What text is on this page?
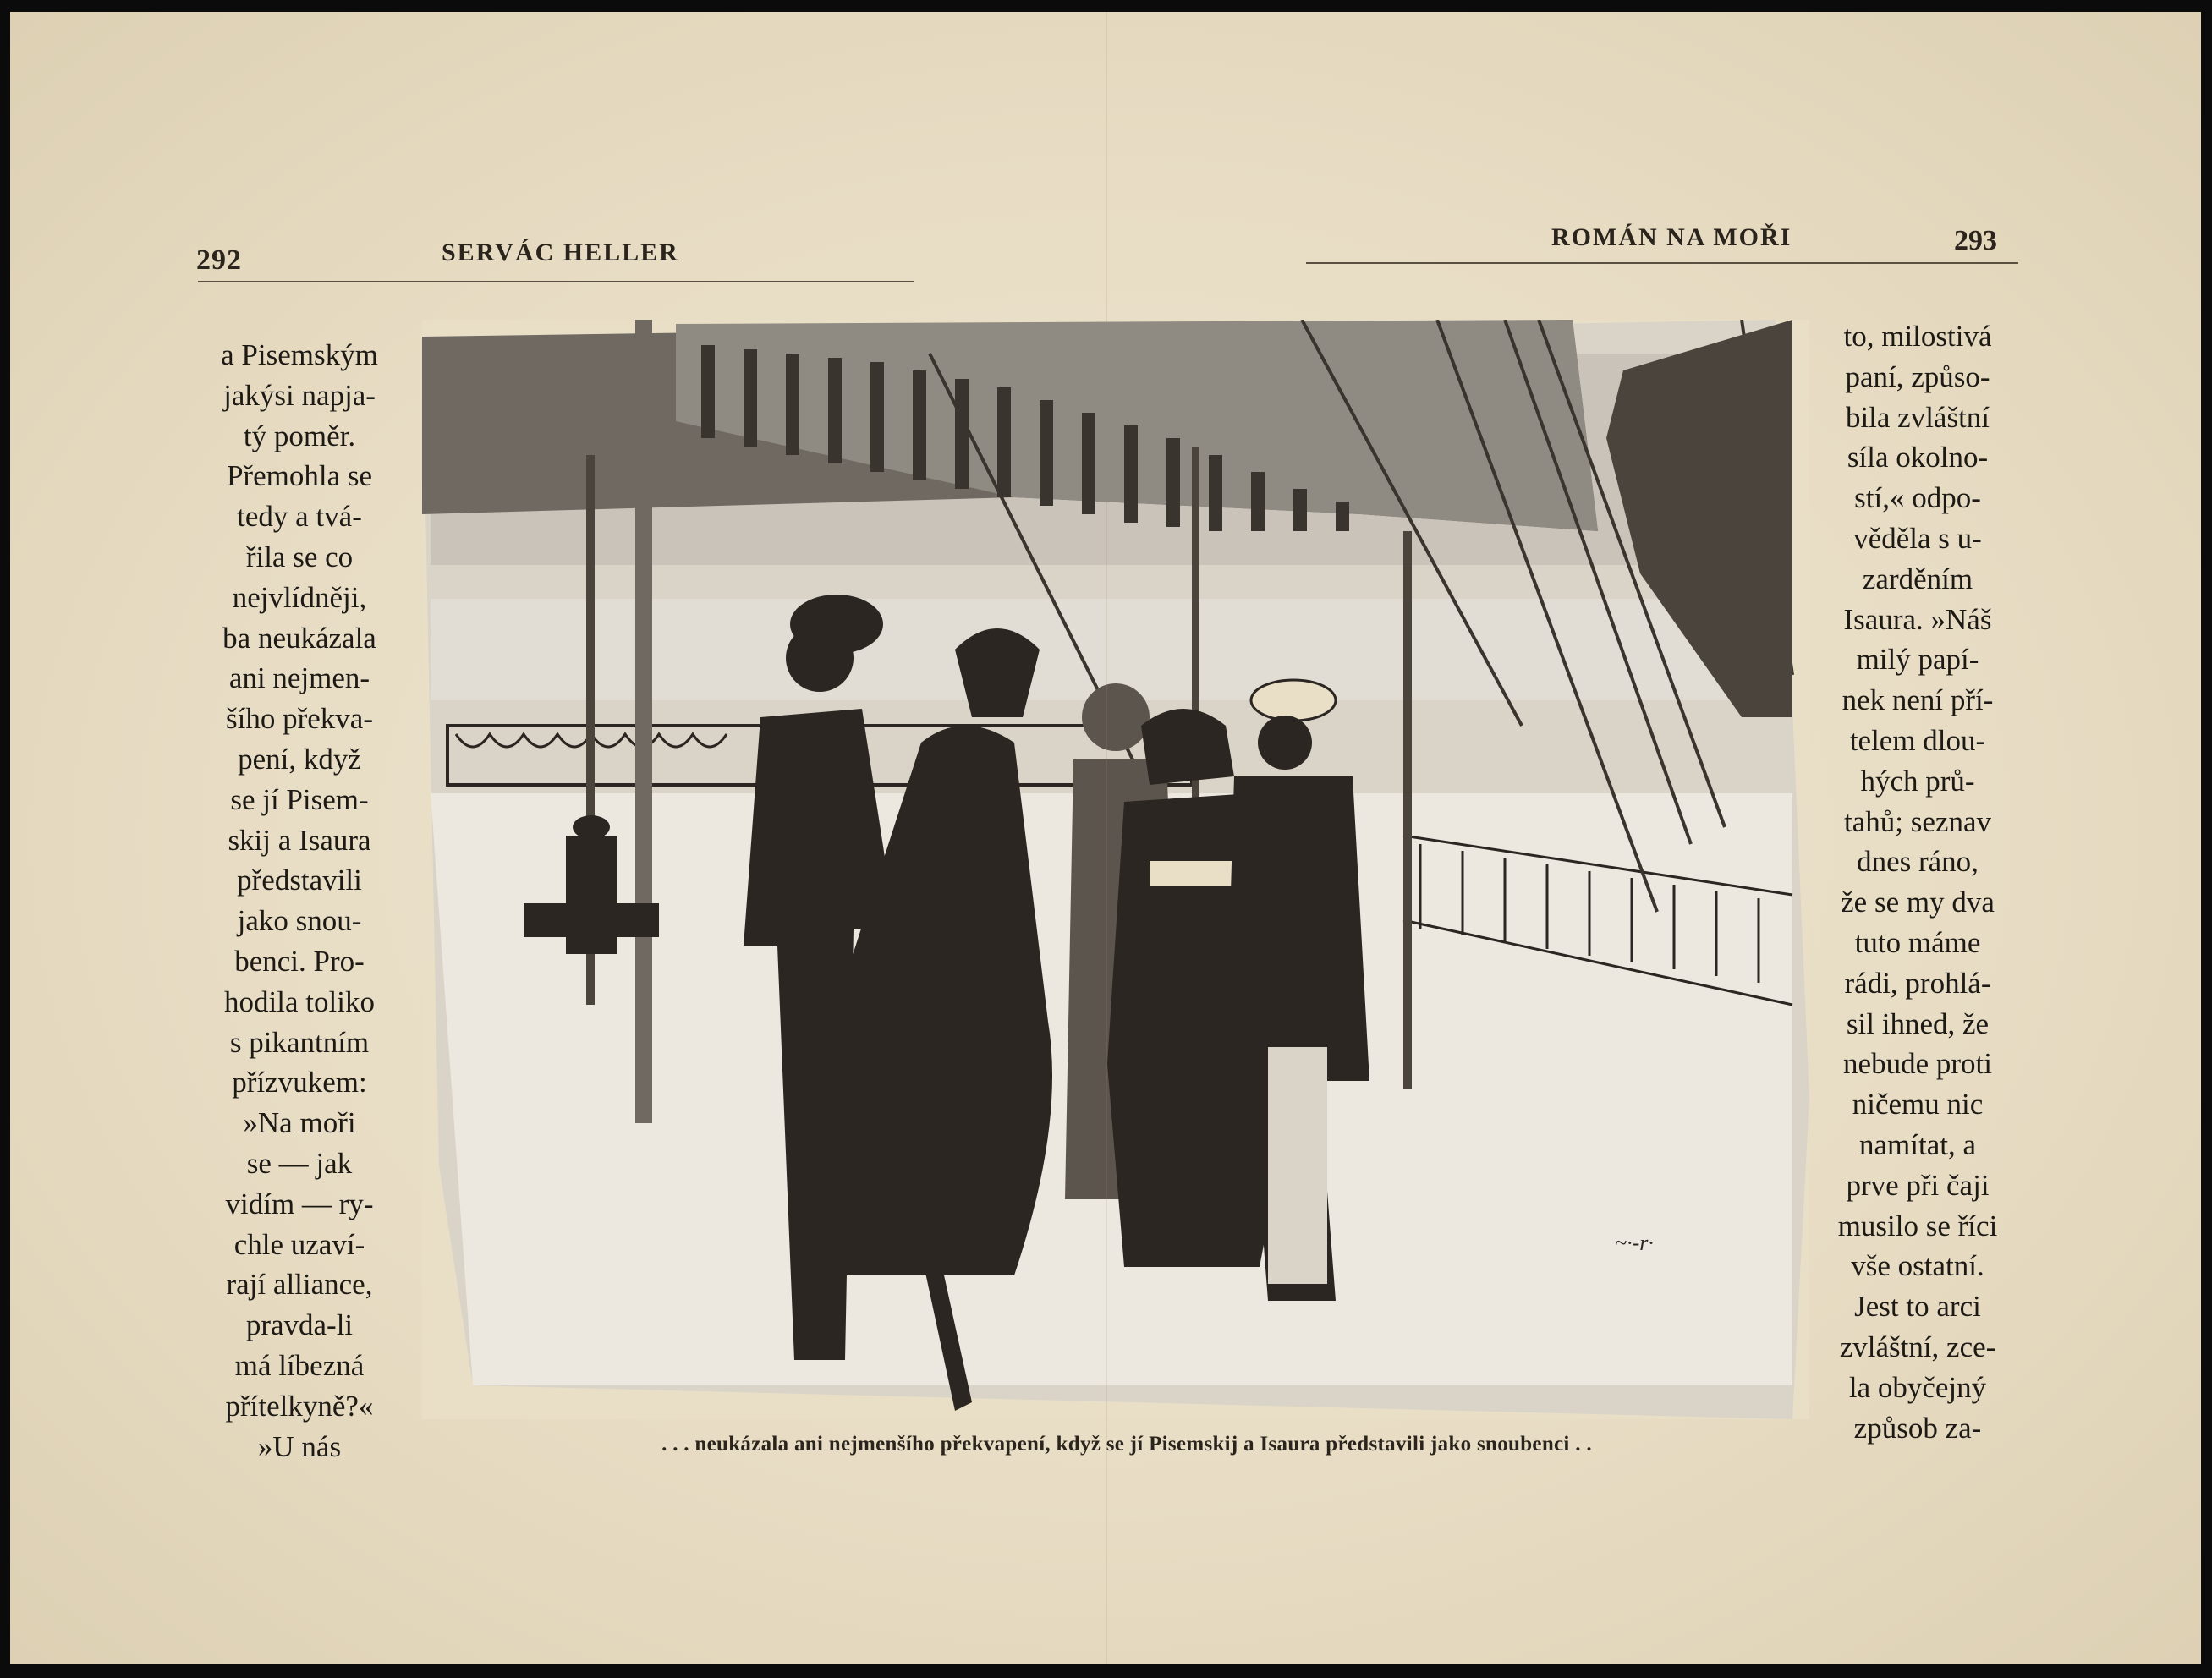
292	SERVÁC HELLER
ROMÁN NA MOŘI	293
a Pisemským
jakýsi napja-
tý poměr.
Přemohla se
tedy a tvá-
řila se co
nejvlídněji,
ba neukázala
ani nejmen-
šího překva-
pení, když
se jí Pisem-
skij a Isaura
představili
jako snou-
benci. Pro-
hodila toliko
s pikantním
přízvukem:
»Na moři
se — jak
vidím — ry-
chle uzaví-
rají alliance,
pravda-li
má líbezná
přítelkyně?«
»U nás
to, milostivá
paní, způso-
bila zvláštní
síla okolno-
stí,« odpo-
věděla s u-
zarděním
Isaura. »Náš
milý papí-
nek není pří-
telem dlou-
hých prů-
tahů; seznav
dnes ráno,
že se my dva
tuto máme
rádi, prohlá-
sil ihned, že
nebude proti
ničemu nic
namítat, a
prve při čaji
musilo se říci
vše ostatní.
Jest to arci
zvláštní, zce-
la obyčejný
způsob za-
~·-r·
. . . neukázala ani nejmenšího překvapení, když se jí Pisemskij a Isaura představili jako snoubenci . .
